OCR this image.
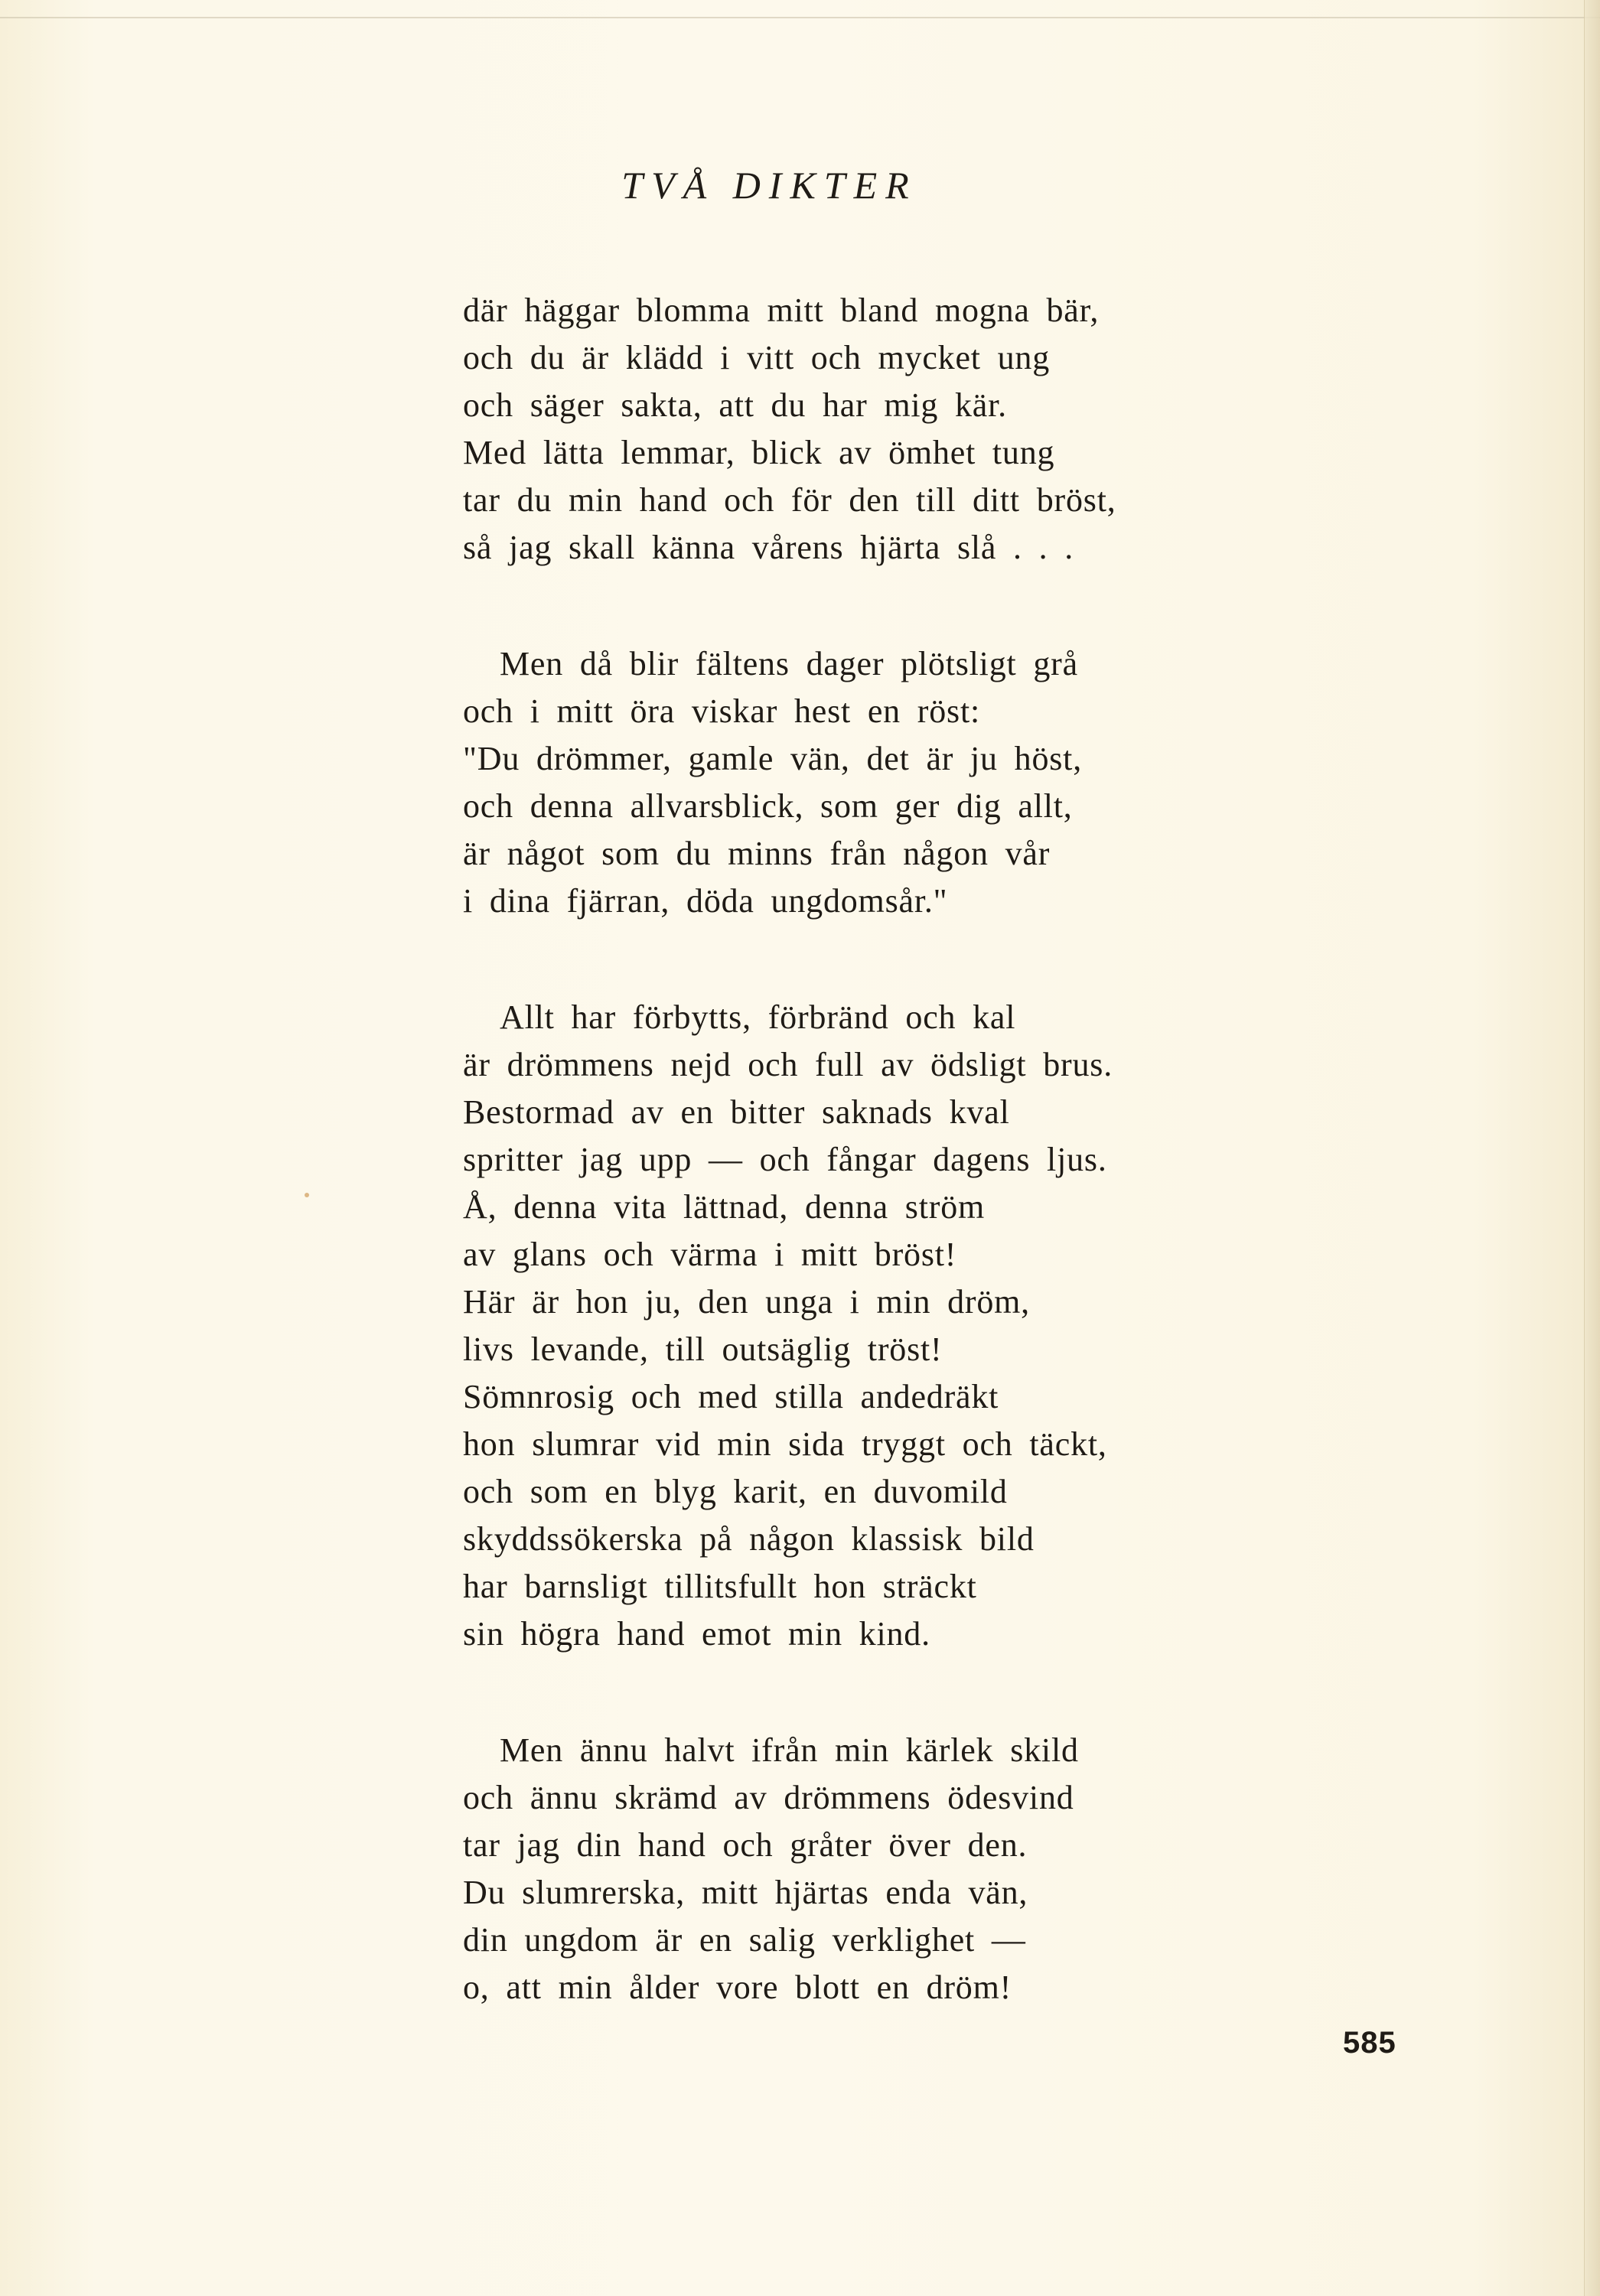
TVÅ DIKTER
där häggar blomma mitt bland mogna bär,
och du är klädd i vitt och mycket ung
och säger sakta, att du har mig kär.
Med lätta lemmar, blick av ömhet tung
tar du min hand och för den till ditt bröst,
så jag skall känna vårens hjärta slå . . .
Men då blir fältens dager plötsligt grå
och i mitt öra viskar hest en röst:
"Du drömmer, gamle vän, det är ju höst,
och denna allvarsblick, som ger dig allt,
är något som du minns från någon vår
i dina fjärran, döda ungdomsår."
Allt har förbytts, förbränd och kal
är drömmens nejd och full av ödsligt brus.
Bestormad av en bitter saknads kval
spritter jag upp — och fångar dagens ljus.
Å, denna vita lättnad, denna ström
av glans och värma i mitt bröst!
Här är hon ju, den unga i min dröm,
livs levande, till outsäglig tröst!
Sömnrosig och med stilla andedräkt
hon slumrar vid min sida tryggt och täckt,
och som en blyg karit, en duvomild
skyddssökerska på någon klassisk bild
har barnsligt tillitsfullt hon sträckt
sin högra hand emot min kind.
Men ännu halvt ifrån min kärlek skild
och ännu skrämd av drömmens ödesvind
tar jag din hand och gråter över den.
Du slumrerska, mitt hjärtas enda vän,
din ungdom är en salig verklighet —
o, att min ålder vore blott en dröm!
585
